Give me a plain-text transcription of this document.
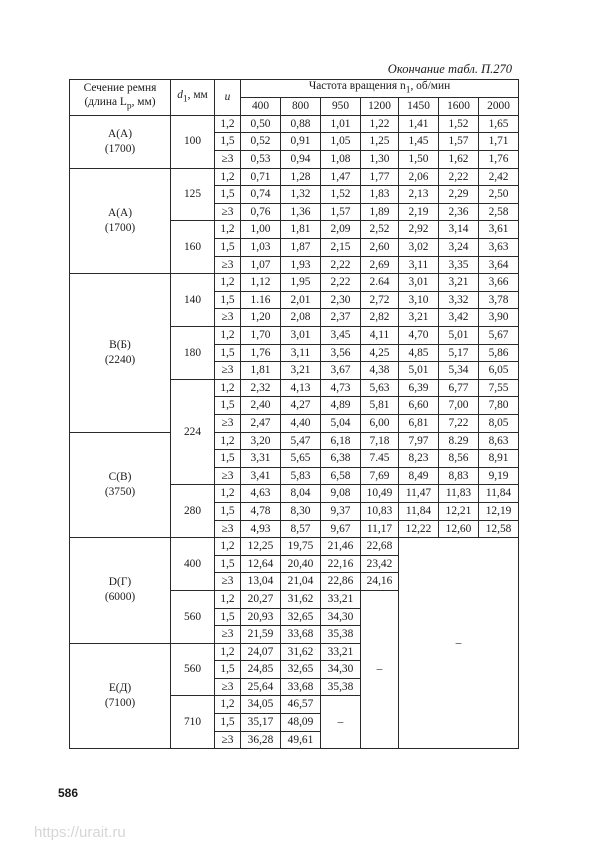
Окончание табл. П.270
Сечение ремня (длина $L_р$, мм)	$d_1$, мм	u	Частота вращения $n_1$, об/мин						
			400	800	950	1200	1450	1600	2000
A(A)
(1700)	100	1,2	0,50	0,88	1,01	1,22	1,41	1,52	1,65
		1,5	0,52	0,91	1,05	1,25	1,45	1,57	1,71
		≥3	0,53	0,94	1,08	1,30	1,50	1,62	1,76
A(A)
(1700)	125	1,2	0,71	1,28	1,47	1,77	2,06	2,22	2,42
		1,5	0,74	1,32	1,52	1,83	2,13	2,29	2,50
		≥3	0,76	1,36	1,57	1,89	2,19	2,36	2,58
	160	1,2	1,00	1,81	2,09	2,52	2,92	3,14	3,61
		1,5	1,03	1,87	2,15	2,60	3,02	3,24	3,63
		≥3	1,07	1,93	2,22	2,69	3,11	3,35	3,64
B(Б)
(2240)	140	1,2	1,12	1,95	2,22	2.64	3,01	3,21	3,66
		1,5	1.16	2,01	2,30	2,72	3,10	3,32	3,78
		≥3	1,20	2,08	2,37	2,82	3,21	3,42	3,90
	180	1,2	1,70	3,01	3,45	4,11	4,70	5,01	5,67
		1,5	1,76	3,11	3,56	4,25	4,85	5,17	5,86
		≥3	1,81	3,21	3,67	4,38	5,01	5,34	6,05
	224	1,2	2,32	4,13	4,73	5,63	6,39	6,77	7,55
		1,5	2,40	4,27	4,89	5,81	6,60	7,00	7,80
		≥3	2,47	4,40	5,04	6,00	6,81	7,22	8,05
C(B)
(3750)		1,2	3,20	5,47	6,18	7,18	7,97	8.29	8,63
		1,5	3,31	5,65	6,38	7.45	8,23	8,56	8,91
		≥3	3,41	5,83	6,58	7,69	8,49	8,83	9,19
	280	1,2	4,63	8,04	9,08	10,49	11,47	11,83	11,84
		1,5	4,78	8,30	9,37	10,83	11,84	12,21	12,19
		≥3	4,93	8,57	9,67	11,17	12,22	12,60	12,58
D(Г)
(6000)	400	1,2	12,25	19,75	21,46	22,68	–		
		1,5	12,64	20,40	22,16	23,42			
		≥3	13,04	21,04	22,86	24,16			
	560	1,2	20,27	31,62	33,21	–			
		1,5	20,93	32,65	34,30				
		≥3	21,59	33,68	35,38				
E(Д)
(7100)	560	1,2	24,07	31,62	33,21				
		1,5	24,85	32,65	34,30				
		≥3	25,64	33,68	35,38				
	710	1,2	34,05	46,57	–				
		1,5	35,17	48,09					
		≥3	36,28	49,61					
586
https://urait.ru
